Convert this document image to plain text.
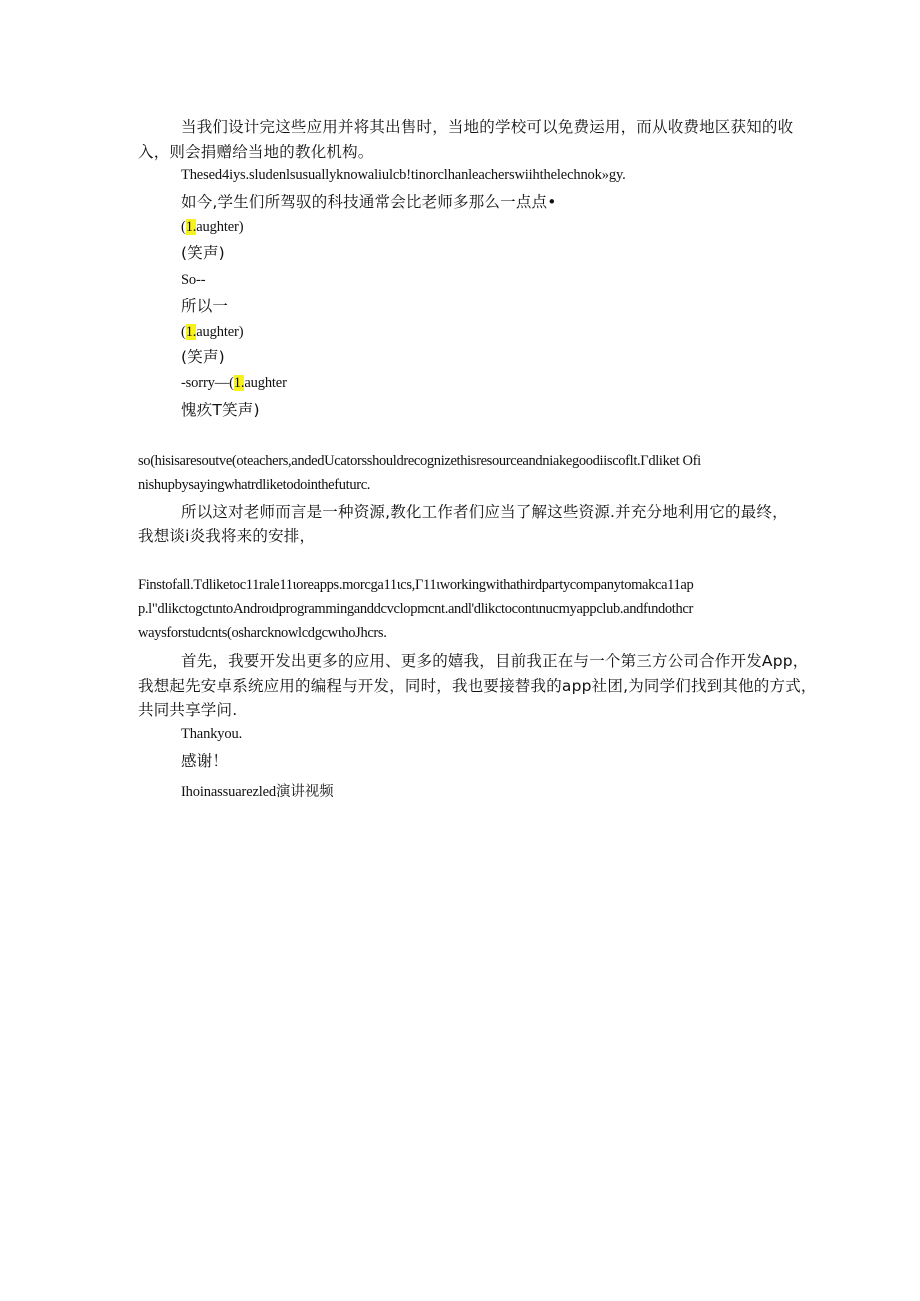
当我们设计完这些应用并将其出售时，当地的学校可以免费运用，而从收费地区获知的收
入，则会捐赠给当地的教化机构。
Thesed4iys.sludenlsusuallyknowaliulcb!tinorclhanleacherswiihthelechnok»gy.
如今,学生们所驾驭的科技通常会比老师多那么一点点•
(1.aughter)
(笑声)
So--
所以一
(1.aughter)
(笑声)
-sorry—(1.aughter
愧疚T笑声)
so(hisisaresoutve(oteachers,andedUcatorsshouldrecognizethisresourceandniakegoodiiscoflt.Γdliket Ofi
nishupbysayingwhatrdliketodointhefuturc.
所以这对老师而言是一种资源,教化工作者们应当了解这些资源.并充分地利用它的最终，
我想谈i炎我将来的安排，
Finstofall.Tdliketoc11rale11ιoreapps.morcga11ιcs,Γ11ιworkingwithathirdpartycompanytomakca11ap
p.l"dlikctogctιntoAndroιdprogramminganddcvclopmcnt.andl'dlikctocontιnucmyappclub.andfιndothcr
waysforstudcnts(osharcknowlcdgcwιhoJhcrs.
首先，我要开发出更多的应用、更多的嬉我，目前我正在与一个第三方公司合作开发App，
我想起先安卓系统应用的编程与开发，同时，我也要接替我的app社团,为同学们找到其他的方式，
共同共享学问.
Thankyou.
感谢！
Ihoinassuarezled演讲视频
